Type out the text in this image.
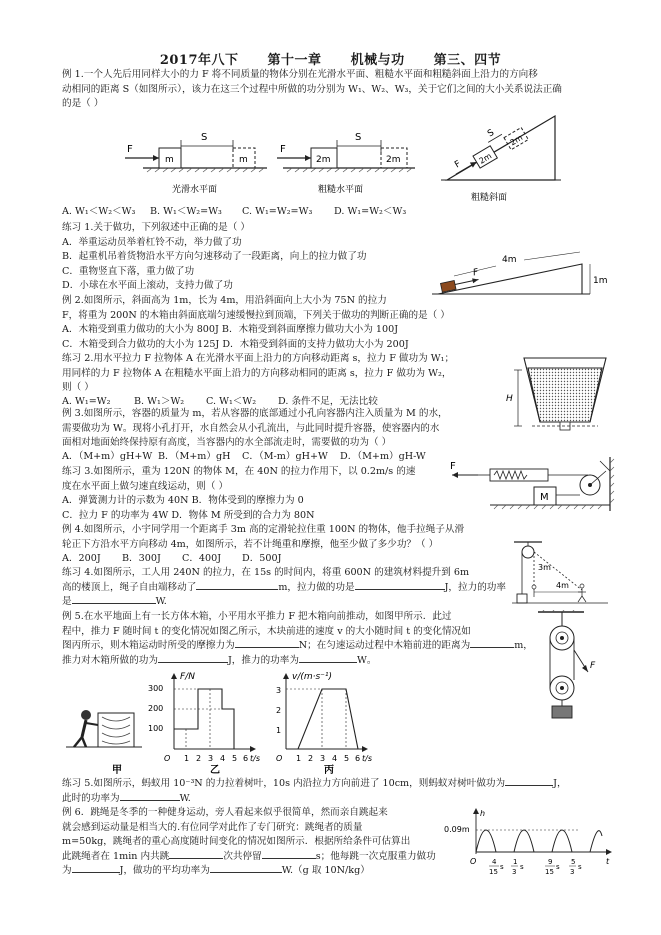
2017年八下 第十一章 机械与功 第三、四节

例 1.一个人先后用同样大小的力 F 将不同质量的物体分别在光滑水平面、粗糙水平面和粗糙斜面上沿力的方向移

动相同的距离 S（如图所示），该力在这三个过程中所做的功分别为 W₁、W₂、W₃，关于它们之间的大小关系说法正确

的是（ ）

m
F
m
S
光滑水平面
2m
F
2m
S
粗糙水平面
2m
2m
S
F
粗糙斜面

A. W₁＜W₂＜W₃ B. W₁＜W₂=W₃ C. W₁=W₂=W₃ D. W₁=W₂＜W₃

练习 1.关于做功，下列叙述中正确的是（ ）

A．举重运动员举着杠铃不动，举力做了功

B．起重机吊着货物沿水平方向匀速移动了一段距离，向上的拉力做了功

C．重物竖直下落，重力做了功

D．小球在水平面上滚动，支持力做了功

F
4m
1m

例 2.如图所示，斜面高为 1m，长为 4m，用沿斜面向上大小为 75N 的拉力

F，将重为 200N 的木箱由斜面底端匀速缓慢拉到顶端，下列关于做功的判断正确的是（ ）

A．木箱受到重力做功的大小为 800J B．木箱受到斜面摩擦力做功大小为 100J

C．木箱受到合力做功的大小为 125J D．木箱受到斜面的支持力做功大小为 200J

练习 2.用水平拉力 F 拉物体 A 在光滑水平面上沿力的方向移动距离 s，拉力 F 做功为 W₁；

用同样的力 F 拉物体 A 在粗糙水平面上沿力的方向移动相同的距离 s，拉力 F 做功为 W₂，

则（ ）

A. W₁=W₂ B. W₁＞W₂ C. W₁＜W₂ D. 条件不足，无法比较	H

例 3.如图所示，容器的质量为 m，若从容器的底部通过小孔向容器内注入质量为 M 的水，

需要做功为 W。现将小孔打开，水自然会从小孔流出，与此同时提升容器，使容器内的水

面相对地面始终保持原有高度，当容器内的水全部流走时，需要做的功为（ ）

A．（M+m）gH+W B．（M+m）gH C．（M-m）gH+W D．（M+m）gH-W

F
M

练习 3.如图所示，重为 120N 的物体 M，在 40N 的拉力作用下，以 0.2m/s 的速

度在水平面上做匀速直线运动，则（ ）

A．弹簧测力计的示数为 40N B．物体受到的摩擦力为 0

C．拉力 F 的功率为 4W D．物体 M 所受到的合力为 80N

例 4.如图所示，小宇同学用一个距离手 3m 高的定滑轮拉住重 100N 的物体，他手拉绳子从滑

轮正下方沿水平方向移动 4m，如图所示，若不计绳重和摩擦，他至少做了多少功？（ ）

A．200J B．300J C．400J D．500J

3m
4m

练习 4.如图所示，工人用 240N 的拉力，在 15s 的时间内，将重 600N 的建筑材料提升到 6m

高的楼顶上，绳子自由端移动了	m，拉力做的功是	J，拉力的功率

是	W.

例 5.在水平地面上有一长方体木箱，小平用水平推力 F 把木箱向前推动，如图甲所示．此过

程中，推力 F 随时间 t 的变化情况如图乙所示，木块前进的速度 v 的大小随时间 t 的变化情况如

图丙所示，则木箱运动时所受的摩擦力为	N；在匀速运动过程中木箱前进的距离为	m，

推力对木箱所做的功为	J，推力的功率为	W。

F
甲
F/N
t/s
300
200
100
O 1 2 3 4 5 6
乙
v/(m·s⁻¹)
t/s
3
2
1
O 1 2 3 4 5 6
丙

练习 5.如图所示，蚂蚁用 10⁻³N 的力拉着树叶，10s 内沿拉力方向前进了 10cm，则蚂蚁对树叶做功为	J，

此时的功率为	W.

例 6．跳绳是冬季的一种健身运动，旁人看起来似乎很简单，然而亲自跳起来

就会感到运动量是相当大的.有位同学对此作了专门研究：跳绳者的质量

m=50kg，跳绳者的重心高度随时间变化的情况如图所示．根据所给条件可估算出

此跳绳者在 1min 内共跳	次共停留	s；他每跳一次克服重力做功

为	J，做功的平均功率为	W.（g 取 10N/kg）

h
t
0.09m
O 4
15
s
1
3
s
9
15
s
5
3
s
